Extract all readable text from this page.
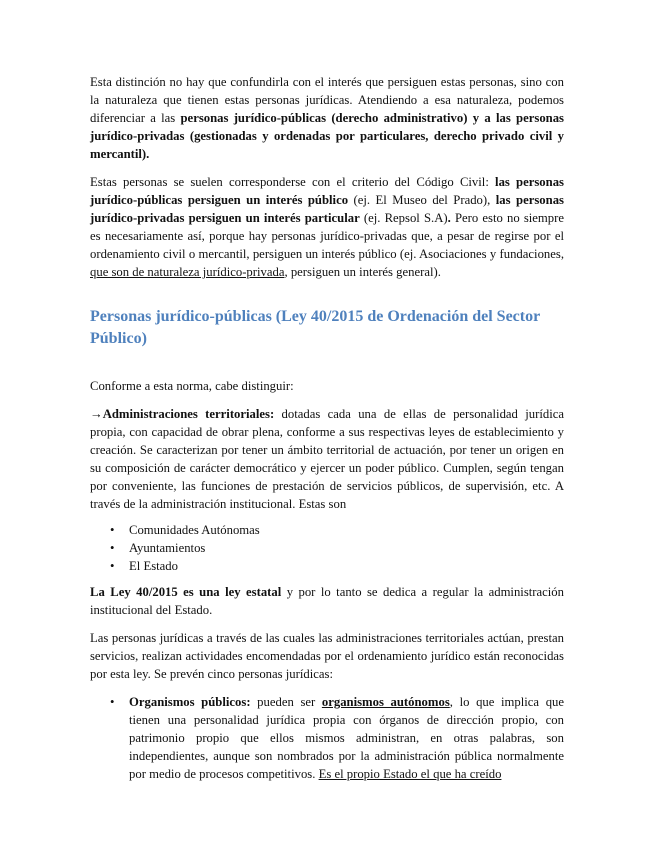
Esta distinción no hay que confundirla con el interés que persiguen estas personas, sino con la naturaleza que tienen estas personas jurídicas. Atendiendo a esa naturaleza, podemos diferenciar a las personas jurídico-públicas (derecho administrativo) y a las personas jurídico-privadas (gestionadas y ordenadas por particulares, derecho privado civil y mercantil).

Estas personas se suelen corresponderse con el criterio del Código Civil: las personas jurídico-públicas persiguen un interés público (ej. El Museo del Prado), las personas jurídico-privadas persiguen un interés particular (ej. Repsol S.A). Pero esto no siempre es necesariamente así, porque hay personas jurídico-privadas que, a pesar de regirse por el ordenamiento civil o mercantil, persiguen un interés público (ej. Asociaciones y fundaciones, que son de naturaleza jurídico-privada, persiguen un interés general).

Personas jurídico-públicas (Ley 40/2015 de Ordenación del Sector Público)

Conforme a esta norma, cabe distinguir:

→Administraciones territoriales: dotadas cada una de ellas de personalidad jurídica propia, con capacidad de obrar plena, conforme a sus respectivas leyes de establecimiento y creación. Se caracterizan por tener un ámbito territorial de actuación, por tener un origen en su composición de carácter democrático y ejercer un poder público. Cumplen, según tengan por conveniente, las funciones de prestación de servicios públicos, de supervisión, etc. A través de la administración institucional. Estas son

• Comunidades Autónomas
• Ayuntamientos
• El Estado

La Ley 40/2015 es una ley estatal y por lo tanto se dedica a regular la administración institucional del Estado.

Las personas jurídicas a través de las cuales las administraciones territoriales actúan, prestan servicios, realizan actividades encomendadas por el ordenamiento jurídico están reconocidas por esta ley. Se prevén cinco personas jurídicas:

• Organismos públicos: pueden ser organismos autónomos, lo que implica que tienen una personalidad jurídica propia con órganos de dirección propio, con patrimonio propio que ellos mismos administran, en otras palabras, son independientes, aunque son nombrados por la administración pública normalmente por medio de procesos competitivos. Es el propio Estado el que ha creído
